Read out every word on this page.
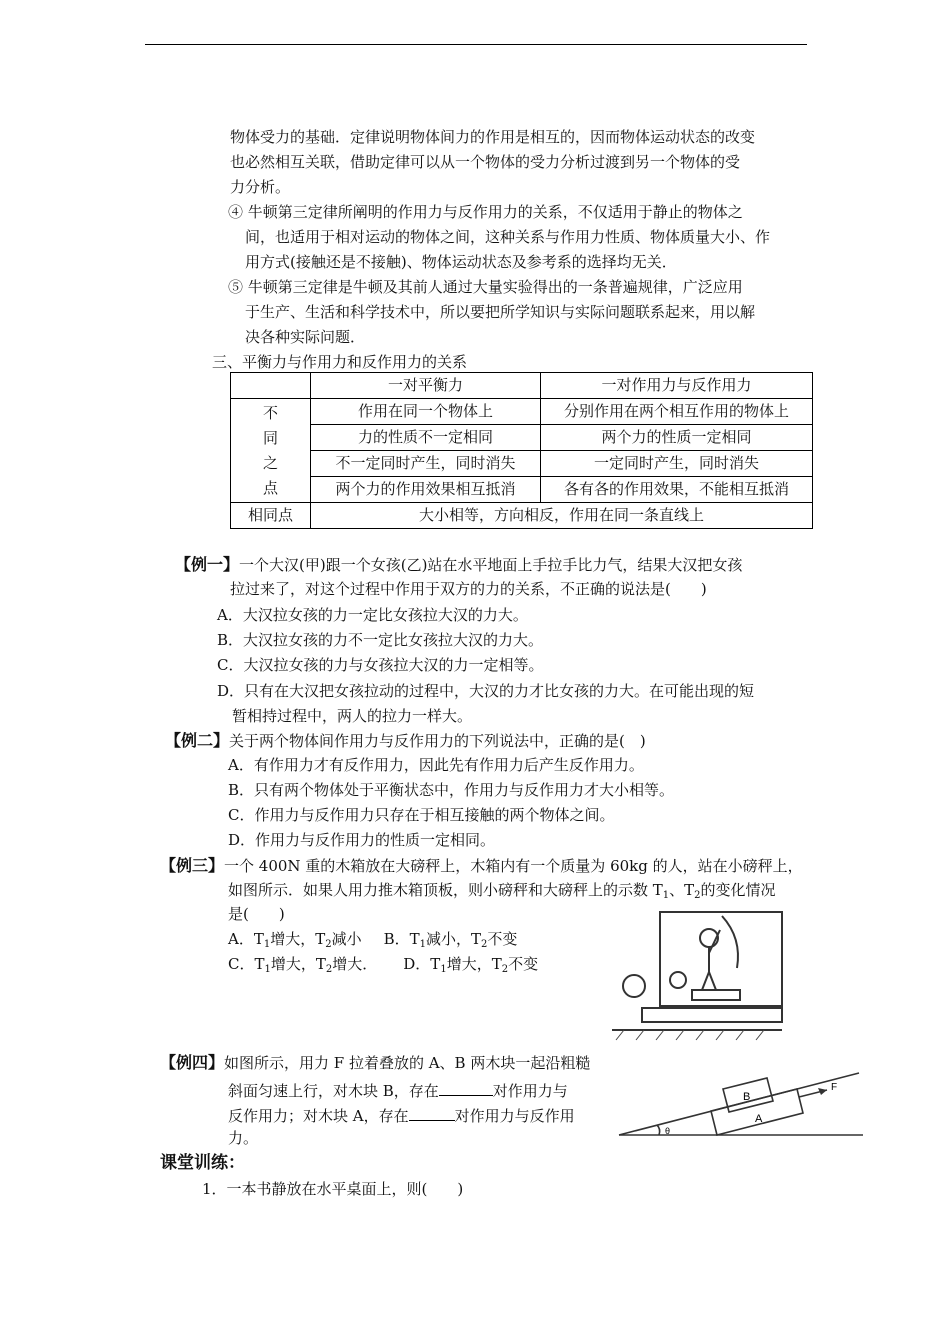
物体受力的基础．定律说明物体间力的作用是相互的，因而物体运动状态的改变
也必然相互关联，借助定律可以从一个物体的受力分析过渡到另一个物体的受
力分析。
④ 牛顿第三定律所阐明的作用力与反作用力的关系，不仅适用于静止的物体之
间，也适用于相对运动的物体之间，这种关系与作用力性质、物体质量大小、作
用方式(接触还是不接触)、物体运动状态及参考系的选择均无关．
⑤ 牛顿第三定律是牛顿及其前人通过大量实验得出的一条普遍规律，广泛应用
于生产、生活和科学技术中，所以要把所学知识与实际问题联系起来，用以解
决各种实际问题．
三、平衡力与作用力和反作用力的关系
	一对平衡力	一对作用力与反作用力

不
同
之
点	作用在同一个物体上	分别作用在两个相互作用的物体上
	力的性质不一定相同	两个力的性质一定相同
	不一定同时产生，同时消失	一定同时产生，同时消失
	两个力的作用效果相互抵消	各有各的作用效果，不能相互抵消
相同点	大小相等，方向相反，作用在同一条直线上	
【例一】一个大汉(甲)跟一个女孩(乙)站在水平地面上手拉手比力气，结果大汉把女孩
拉过来了，对这个过程中作用于双方的力的关系，不正确的说法是(　　)
A．大汉拉女孩的力一定比女孩拉大汉的力大。
B．大汉拉女孩的力不一定比女孩拉大汉的力大。
C．大汉拉女孩的力与女孩拉大汉的力一定相等。
D．只有在大汉把女孩拉动的过程中，大汉的力才比女孩的力大。在可能出现的短
暂相持过程中，两人的拉力一样大。
【例二】关于两个物体间作用力与反作用力的下列说法中，正确的是(　)
A．有作用力才有反作用力，因此先有作用力后产生反作用力。
B．只有两个物体处于平衡状态中，作用力与反作用力才大小相等。
C．作用力与反作用力只存在于相互接触的两个物体之间。
D．作用力与反作用力的性质一定相同。
【例三】一个 400N 重的木箱放在大磅秤上，木箱内有一个质量为 60kg 的人，站在小磅秤上，
如图所示．如果人用力推木箱顶板，则小磅秤和大磅秤上的示数 $T_1$、$T_2$的变化情况
是(　　)
A．$T_1$增大，$T_2$减小 B．$T_1$减小，$T_2$不变
C．$T_1$增大，$T_2$增大． D．$T_1$增大，$T_2$不变
【例四】如图所示，用力 F 拉着叠放的 A、B 两木块一起沿粗糙
斜面匀速上行，对木块 B，存在	对作用力与
反作用力；对木块 A，存在	对作用力与反作用
力。
B
A
F
θ
课堂训练：
1．一本书静放在水平桌面上，则(　　)
